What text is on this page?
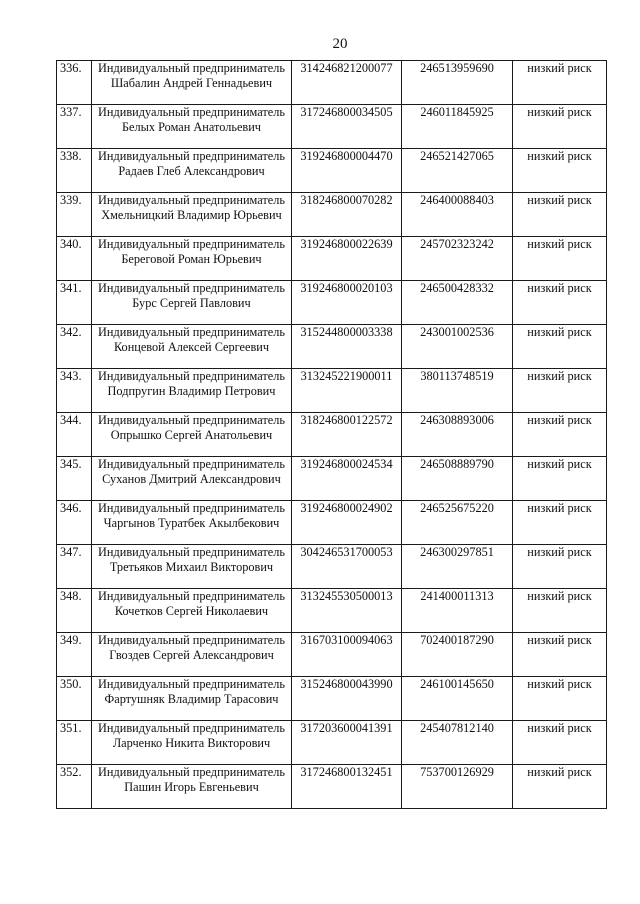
20
336.	Индивидуальный предприниматель Шабалин Андрей Геннадьевич	314246821200077	246513959690	низкий риск
337.	Индивидуальный предприниматель Белых Роман Анатольевич	317246800034505	246011845925	низкий риск
338.	Индивидуальный предприниматель Радаев Глеб Александрович	319246800004470	246521427065	низкий риск
339.	Индивидуальный предприниматель Хмельницкий Владимир Юрьевич	318246800070282	246400088403	низкий риск
340.	Индивидуальный предприниматель Береговой Роман Юрьевич	319246800022639	245702323242	низкий риск
341.	Индивидуальный предприниматель Бурс Сергей Павлович	319246800020103	246500428332	низкий риск
342.	Индивидуальный предприниматель Концевой Алексей Сергеевич	315244800003338	243001002536	низкий риск
343.	Индивидуальный предприниматель Подпругин Владимир Петрович	313245221900011	380113748519	низкий риск
344.	Индивидуальный предприниматель Опрышко Сергей Анатольевич	318246800122572	246308893006	низкий риск
345.	Индивидуальный предприниматель Суханов Дмитрий Александрович	319246800024534	246508889790	низкий риск
346.	Индивидуальный предприниматель Чаргынов Туратбек Акылбекович	319246800024902	246525675220	низкий риск
347.	Индивидуальный предприниматель Третьяков Михаил Викторович	304246531700053	246300297851	низкий риск
348.	Индивидуальный предприниматель Кочетков Сергей Николаевич	313245530500013	241400011313	низкий риск
349.	Индивидуальный предприниматель Гвоздев Сергей Александрович	316703100094063	702400187290	низкий риск
350.	Индивидуальный предприниматель Фартушняк Владимир Тарасович	315246800043990	246100145650	низкий риск
351.	Индивидуальный предприниматель Ларченко Никита Викторович	317203600041391	245407812140	низкий риск
352.	Индивидуальный предприниматель Пашин Игорь Евгеньевич	317246800132451	753700126929	низкий риск
